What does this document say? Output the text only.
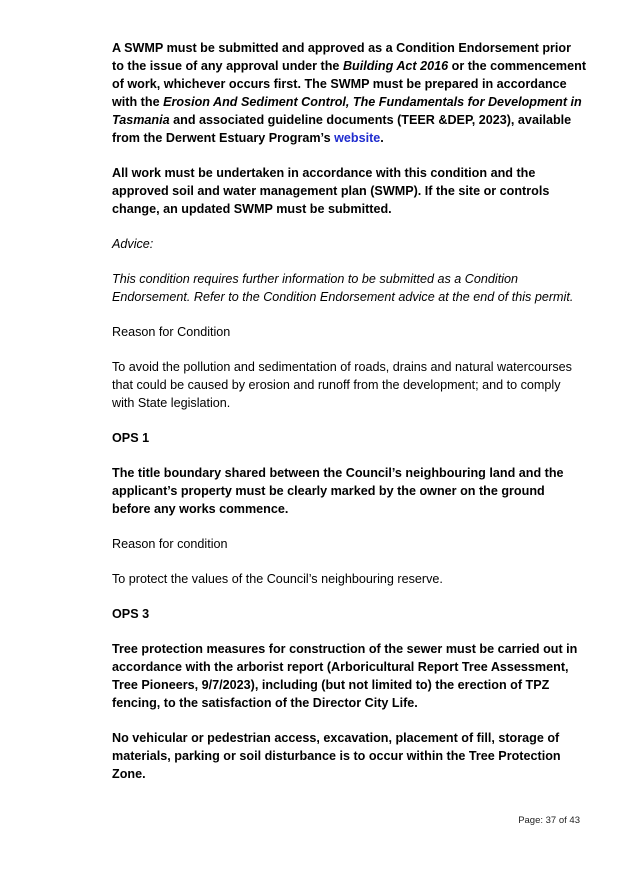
A SWMP must be submitted and approved as a Condition Endorsement prior to the issue of any approval under the Building Act 2016 or the commencement of work, whichever occurs first. The SWMP must be prepared in accordance with the Erosion And Sediment Control, The Fundamentals for Development in Tasmania and associated guideline documents (TEER &DEP, 2023), available from the Derwent Estuary Program’s website.

All work must be undertaken in accordance with this condition and the approved soil and water management plan (SWMP). If the site or controls change, an updated SWMP must be submitted.

Advice:

This condition requires further information to be submitted as a Condition Endorsement. Refer to the Condition Endorsement advice at the end of this permit.

Reason for Condition

To avoid the pollution and sedimentation of roads, drains and natural watercourses that could be caused by erosion and runoff from the development; and to comply with State legislation.

OPS 1

The title boundary shared between the Council’s neighbouring land and the applicant’s property must be clearly marked by the owner on the ground before any works commence.

Reason for condition

To protect the values of the Council’s neighbouring reserve.

OPS 3

Tree protection measures for construction of the sewer must be carried out in accordance with the arborist report (Arboricultural Report Tree Assessment, Tree Pioneers, 9/7/2023), including (but not limited to) the erection of TPZ fencing, to the satisfaction of the Director City Life.

No vehicular or pedestrian access, excavation, placement of fill, storage of materials, parking or soil disturbance is to occur within the Tree Protection Zone.

Page: 37 of 43
